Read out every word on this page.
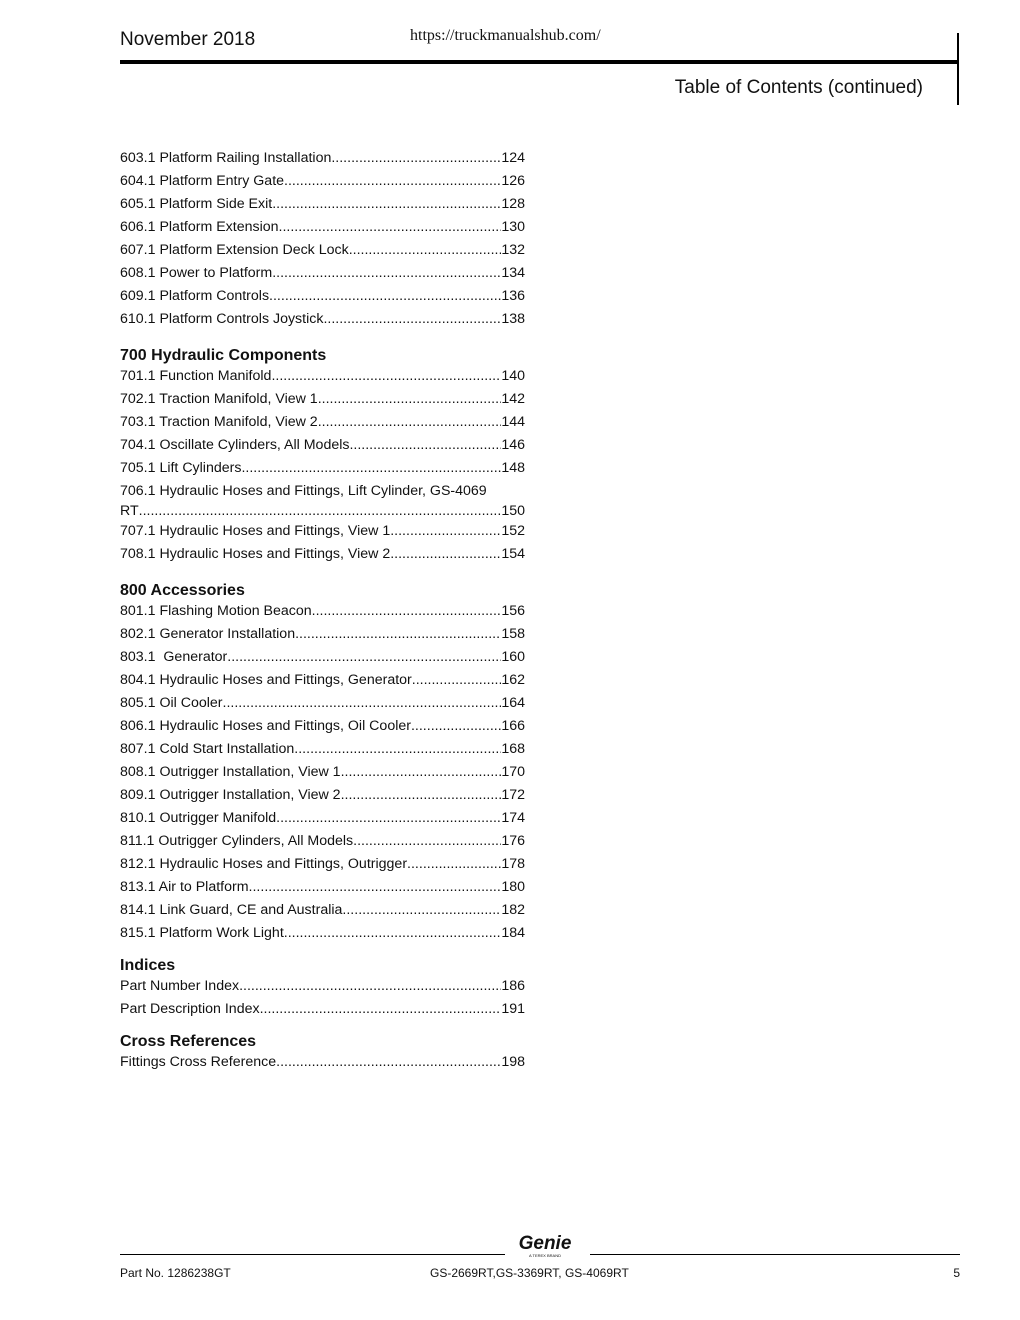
November 2018	https://truckmanualshub.com/
Table of Contents (continued)
603.1 Platform Railing Installation .....	124
604.1 Platform Entry Gate .....	126
605.1 Platform Side Exit .....	128
606.1 Platform Extension .....	130
607.1 Platform Extension Deck Lock .....	132
608.1 Power to Platform .....	134
609.1 Platform Controls .....	136
610.1 Platform Controls Joystick .....	138
700 Hydraulic Components
701.1 Function Manifold .....	140
702.1 Traction Manifold, View 1 .....	142
703.1 Traction Manifold, View 2 .....	144
704.1 Oscillate Cylinders, All Models .....	146
705.1 Lift Cylinders .....	148
706.1 Hydraulic Hoses and Fittings, Lift Cylinder, GS-4069
RT .....	150
707.1 Hydraulic Hoses and Fittings, View 1 .....	152
708.1 Hydraulic Hoses and Fittings, View 2 .....	154
800 Accessories
801.1 Flashing Motion Beacon .....	156
802.1 Generator Installation .....	158
803.1  Generator .....	160
804.1 Hydraulic Hoses and Fittings, Generator .....	162
805.1 Oil Cooler .....	164
806.1 Hydraulic Hoses and Fittings, Oil Cooler .....	166
807.1 Cold Start Installation .....	168
808.1 Outrigger Installation, View 1 .....	170
809.1 Outrigger Installation, View 2 .....	172
810.1 Outrigger Manifold .....	174
811.1 Outrigger Cylinders, All Models .....	176
812.1 Hydraulic Hoses and Fittings, Outrigger .....	178
813.1 Air to Platform .....	180
814.1 Link Guard, CE and Australia .....	182
815.1 Platform Work Light .....	184
Indices
Part Number Index .....	186
Part Description Index .....	191
Cross References
Fittings Cross Reference .....	198
Genie
A TEREX BRAND
Part No. 1286238GT	GS-2669RT,GS-3369RT, GS-4069RT	5
